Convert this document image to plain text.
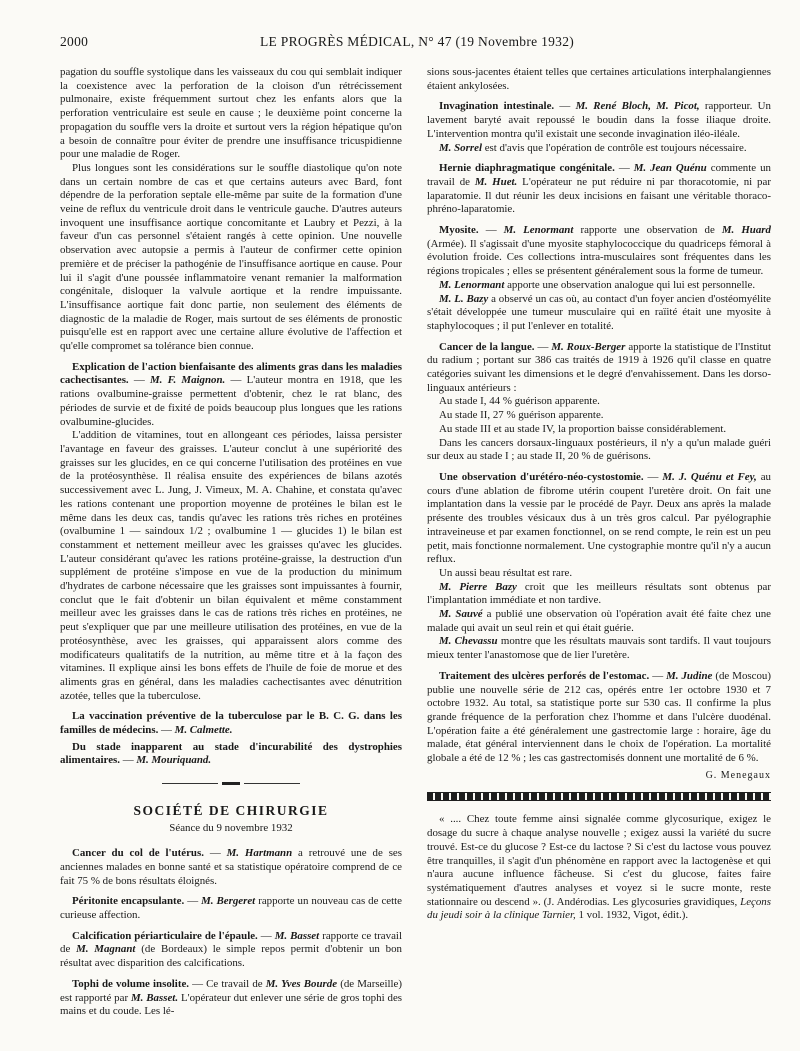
2000	LE PROGRÈS MÉDICAL, N° 47 (19 Novembre 1932)

pagation du souffle systolique dans les vaisseaux du cou qui semblait indiquer la coexistence avec la perforation de la cloison d'un rétrécissement pulmonaire, existe fréquemment surtout chez les enfants alors que la perforation ventriculaire est seule en cause ; le deuxième point concerne la propagation du souffle vers la droite et surtout vers la région hépatique qu'on a besoin de connaître pour éviter de prendre une insuffisance tricuspidienne pour une maladie de Roger.

Plus longues sont les considérations sur le souffle diastolique qu'on note dans un certain nombre de cas et que certains auteurs avec Bard, font dépendre de la perforation septale elle-même par suite de la formation d'une veine de reflux du ventricule droit dans le ventricule gauche. D'autres auteurs invoquent une insuffisance aortique concomitante et Laubry et Pezzi, à la faveur d'un cas personnel s'étaient rangés à cette opinion. Une nouvelle observation avec autopsie a permis à l'auteur de confirmer cette opinion première et de préciser la pathogénie de l'insuffisance aortique en cause. Pour lui il s'agit d'une poussée inflammatoire venant remanier la malformation congénitale, disloquer la valvule aortique et la rendre impuissante. L'insuffisance aortique fait donc partie, non seulement des éléments de diagnostic de la maladie de Roger, mais surtout de ses éléments de pronostic puisqu'elle est en rapport avec une certaine allure évolutive de l'affection et qu'elle compromet sa tolérance bien connue.

Explication de l'action bienfaisante des aliments gras dans les maladies cachectisantes. — M. F. Maignon. — L'auteur montra en 1918, que les rations ovalbumine-graisse permettent d'obtenir, chez le rat blanc, des périodes de survie et de fixité de poids beaucoup plus longues que les rations ovalbumine-glucides.

L'addition de vitamines, tout en allongeant ces périodes, laissa persister l'avantage en faveur des graisses. L'auteur conclut à une supériorité des graisses sur les glucides, en ce qui concerne l'utilisation des protéines en vue de la protéosynthèse. Il réalisa ensuite des expériences de bilans azotés successivement avec L. Jung, J. Vimeux, M. A. Chahine, et constata qu'avec les rations contenant une proportion moyenne de protéines le bilan est le même dans les deux cas, tandis qu'avec les rations très riches en protéines (ovalbumine 1 — saindoux 1/2 ; ovalbumine 1 — glucides 1) le bilan est constamment et nettement meilleur avec les graisses qu'avec les glucides. L'auteur considérant qu'avec les rations protéine-graisse, la destruction d'un supplément de protéine s'impose en vue de la production du minimum d'hydrates de carbone nécessaire que les graisses sont impuissantes à fournir, conclut que le fait d'obtenir un bilan équivalent et même constamment meilleur avec les graisses dans le cas de rations très riches en protéines, ne peut s'expliquer que par une meilleure utilisation des protéines, en vue de la protéosynthèse, avec les graisses, qui apparaissent alors comme des modificateurs qualitatifs de la nutrition, au même titre et à la façon des vitamines. Il explique ainsi les bons effets de l'huile de foie de morue et des aliments gras en général, dans les maladies cachectisantes avec dénutrition azotée, telles que la tuberculose.

La vaccination préventive de la tuberculose par le B. C. G. dans les familles de médecins. — M. Calmette.

Du stade inapparent au stade d'incurabilité des dystrophies alimentaires. — M. Mouriquand.

SOCIÉTÉ DE CHIRURGIE
Séance du 9 novembre 1932

Cancer du col de l'utérus. — M. Hartmann a retrouvé une de ses anciennes malades en bonne santé et sa statistique opératoire comprend de ce fait 75 % de bons résultats éloignés.

Péritonite encapsulante. — M. Bergeret rapporte un nouveau cas de cette curieuse affection.

Calcification périarticulaire de l'épaule. — M. Basset rapporte ce travail de M. Magnant (de Bordeaux) le simple repos permit d'obtenir un bon résultat avec disparition des calcifications.

Tophi de volume insolite. — Ce travail de M. Yves Bourde (de Marseille) est rapporté par M. Basset. L'opérateur dut enlever une série de gros tophi des mains et du coude. Les lé-

sions sous-jacentes étaient telles que certaines articulations interphalangiennes étaient ankylosées.

Invagination intestinale. — M. René Bloch, M. Picot, rapporteur. Un lavement baryté avait repoussé le boudin dans la fosse iliaque droite. L'intervention montra qu'il existait une seconde invagination iléo-iléale.

M. Sorrel est d'avis que l'opération de contrôle est toujours nécessaire.

Hernie diaphragmatique congénitale. — M. Jean Quénu commente un travail de M. Huet. L'opérateur ne put réduire ni par thoracotomie, ni par laparatomie. Il dut réunir les deux incisions en faisant une véritable thoraco-phréno-laparatomie.

Myosite. — M. Lenormant rapporte une observation de M. Huard (Armée). Il s'agissait d'une myosite staphylococcique du quadriceps fémoral à évolution froide. Ces collections intra-musculaires sont fréquentes dans les régions tropicales ; elles se présentent généralement sous la forme de tumeur.

M. Lenormant apporte une observation analogue qui lui est personnelle.

M. L. Bazy a observé un cas où, au contact d'un foyer ancien d'ostéomyélite s'était développée une tumeur musculaire qui en raïité était une myosite à staphylocoques ; il put l'enlever en totalité.

Cancer de la langue. — M. Roux-Berger apporte la statistique de l'Institut du radium ; portant sur 386 cas traités de 1919 à 1926 qu'il classe en quatre catégories suivant les dimensions et le degré d'envahissement. Dans les dorso-linguaux antérieurs :

Au stade I, 44 % guérison apparente.

Au stade II, 27 % guérison apparente.

Au stade III et au stade IV, la proportion baisse considérablement.

Dans les cancers dorsaux-linguaux postérieurs, il n'y a qu'un malade guéri sur deux au stade I ; au stade II, 20 % de guérisons.

Une observation d'urétéro-néo-cystostomie. — M. J. Quénu et Fey, au cours d'une ablation de fibrome utérin coupent l'uretère droit. On fait une implantation dans la vessie par le procédé de Payr. Deux ans après la malade présente des troubles vésicaux dus à un très gros calcul. Par pyélographie intraveineuse et par examen fonctionnel, on se rend compte, le rein est un peu petit, mais fonctionne normalement. Une cystographie montre qu'il n'y a aucun reflux.

Un aussi beau résultat est rare.

M. Pierre Bazy croit que les meilleurs résultats sont obtenus par l'implantation immédiate et non tardive.

M. Sauvé a publié une observation où l'opération avait été faite chez une malade qui avait un seul rein et qui était guérie.

M. Chevassu montre que les résultats mauvais sont tardifs. Il vaut toujours mieux tenter l'anastomose que de lier l'uretère.

Traitement des ulcères perforés de l'estomac. — M. Judine (de Moscou) publie une nouvelle série de 212 cas, opérés entre 1er octobre 1930 et 7 octobre 1932. Au total, sa statistique porte sur 530 cas. Il confirme la plus grande fréquence de la perforation chez l'homme et dans l'ulcère duodénal. L'opération faite a été généralement une gastrectomie large : horaire, âge du malade, état général interviennent dans le choix de l'opération. La mortalité globale a été de 12 % ; les cas gastrectomisés donnent une mortalité de 6 %.

G. Menegaux

« .... Chez toute femme ainsi signalée comme glycosurique, exigez le dosage du sucre à chaque analyse nouvelle ; exigez aussi la variété du sucre trouvé. Est-ce du glucose ? Est-ce du lactose ? Si c'est du lactose vous pouvez être tranquilles, il s'agit d'un phénomène en rapport avec la lactogenèse et qui n'aura aucune influence fâcheuse. Si c'est du glucose, faites faire systématiquement d'autres analyses et voyez si le sucre monte, reste stationnaire ou descend ». (J. Andérodias. Les glycosuries gravidiques, Leçons du jeudi soir à la clinique Tarnier, 1 vol. 1932, Vigot, édit.).
